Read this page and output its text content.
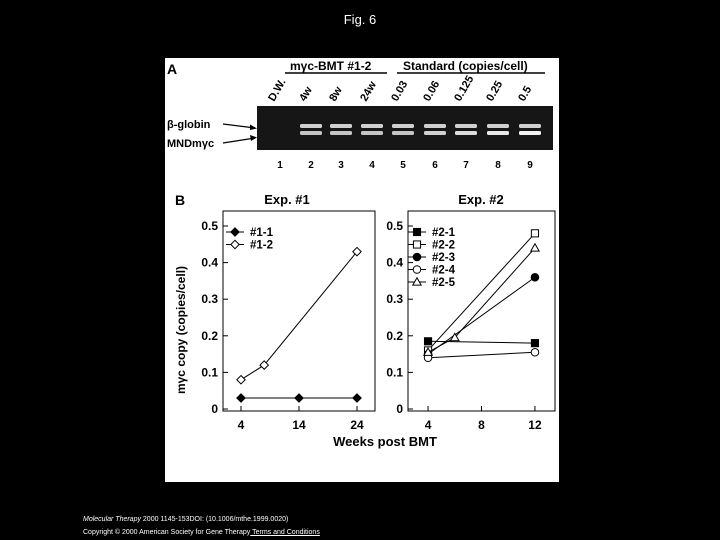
Fig. 6
A	mγc-BMT #1-2	Standard (copies/cell)
D.W. 4w 8w 24w 0.03 0.06 0.125 0.25 0.5
β-globin
MNDmγc
1	2 3	4	5	6	7	8	9
B	Exp. #1	Exp. #2
mγc copy (copies/cell)
Weeks post BMT
0
0.1
0.2
0.3
0.4
0.5
4	14	24
#1-1
#1-2
0
0.1
0.2
0.3
0.4
0.5
4	8	12
#2-1
#2-2
#2-3
#2-4
#2-5
Molecular Therapy 2000 1145-153DOI: (10.1006/mthe.1999.0020)
Copyright © 2000 American Society for Gene Therapy Terms and Conditions
